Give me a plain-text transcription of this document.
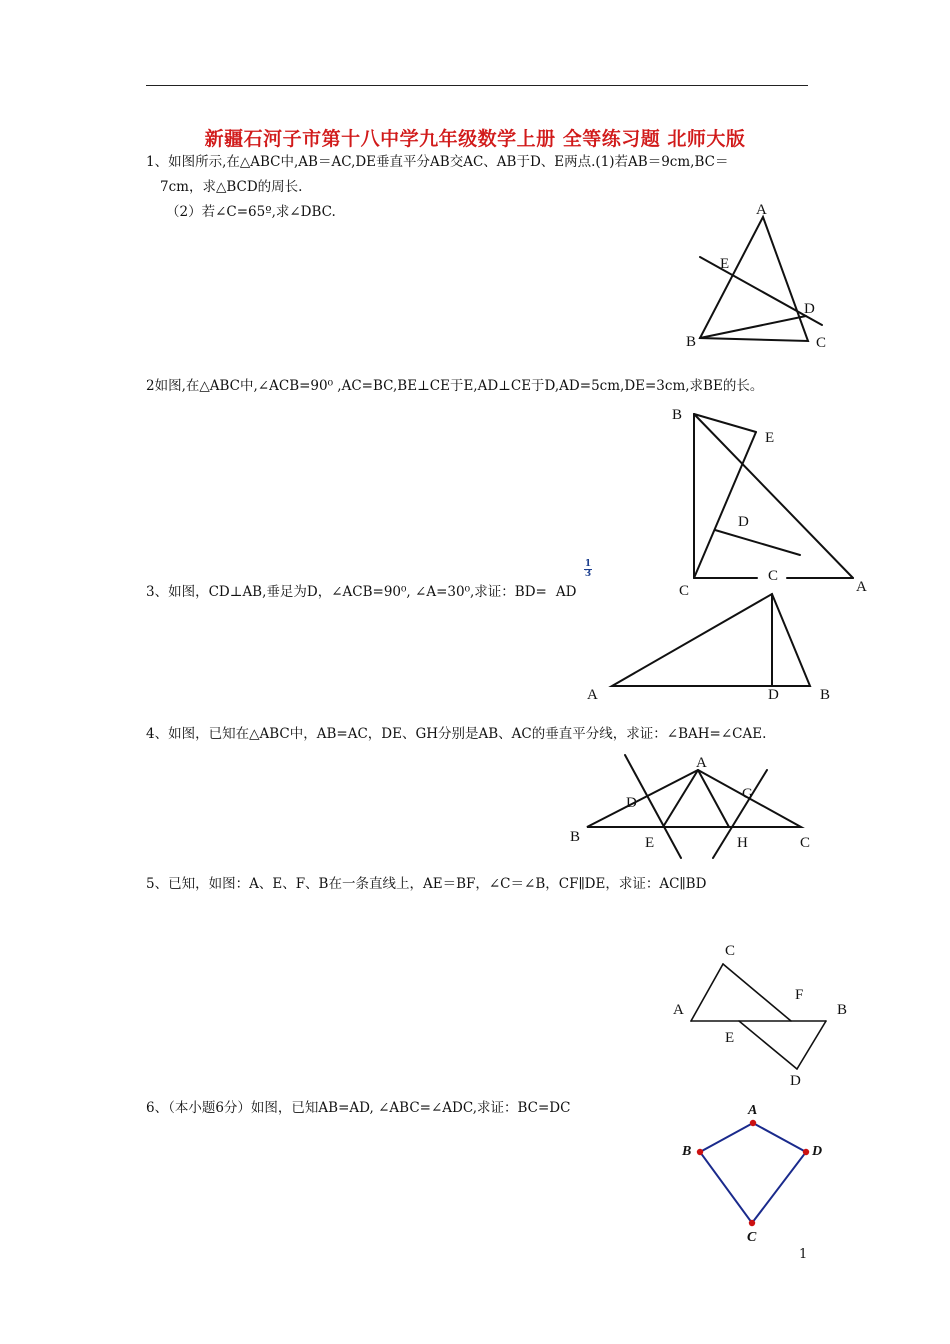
新疆石河子市第十八中学九年级数学上册 全等练习题 北师大版
1、如图所示,在△ABC中,AB＝AC,DE垂直平分AB交AC、AB于D、E两点.(1)若AB＝9cm,BC＝
7cm，求△BCD的周长.
（2）若∠C=65º,求∠DBC.	A
E
D
B	C
2如图,在△ABC中,∠ACB=90⁰ ,AC=BC,BE⊥CE于E,AD⊥CE于D,AD=5cm,DE=3cm,求BE的长。
B
E
D
C	A
3、如图，CD⊥AB,垂足为D，∠ACB=90⁰, ∠A=30⁰,求证：BD= AD
1
3	C
A	D	B
4、如图，已知在△ABC中，AB=AC，DE、GH分别是AB、AC的垂直平分线，求证：∠BAH=∠CAE.
A
D
G
B	E	H	C
5、已知，如图：A、E、F、B在一条直线上，AE＝BF，∠C＝∠B，CF∥DE，求证：AC∥BD
C
F
A	B
E
D
6、（本小题6分）如图，已知AB=AD, ∠ABC=∠ADC,求证：BC=DC	A
B	D
C
1
